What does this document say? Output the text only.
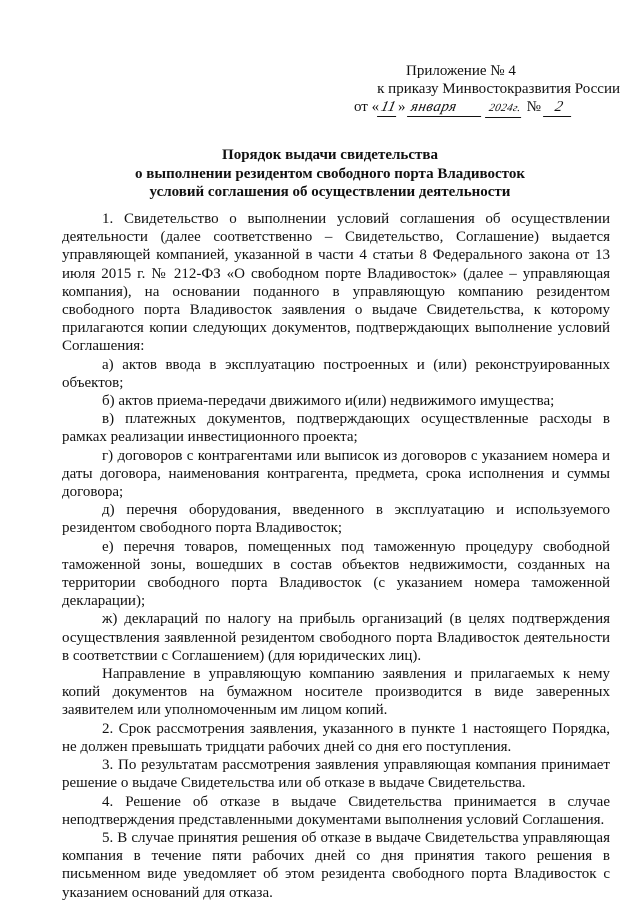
Приложение № 4
к приказу Минвостокразвития России
от «11» января	2024г. № 2
Порядок выдачи свидетельства
о выполнении резидентом свободного порта Владивосток
условий соглашения об осуществлении деятельности

1. Свидетельство о выполнении условий соглашения об осуществлении деятельности (далее соответственно – Свидетельство, Соглашение) выдается управляющей компанией, указанной в части 4 статьи 8 Федерального закона от 13 июля 2015 г. № 212-ФЗ «О свободном порте Владивосток» (далее – управляющая компания), на основании поданного в управляющую компанию резидентом свободного порта Владивосток заявления о выдаче Свидетельства, к которому прилагаются копии следующих документов, подтверждающих выполнение условий Соглашения:

а) актов ввода в эксплуатацию построенных и (или) реконструированных объектов;

б) актов приема-передачи движимого и(или) недвижимого имущества;

в) платежных документов, подтверждающих осуществленные расходы в рамках реализации инвестиционного проекта;

г) договоров с контрагентами или выписок из договоров с указанием номера и даты договора, наименования контрагента, предмета, срока исполнения и суммы договора;

д) перечня оборудования, введенного в эксплуатацию и используемого резидентом свободного порта Владивосток;

е) перечня товаров, помещенных под таможенную процедуру свободной таможенной зоны, вошедших в состав объектов недвижимости, созданных на территории свободного порта Владивосток (с указанием номера таможенной декларации);

ж) деклараций по налогу на прибыль организаций (в целях подтверждения осуществления заявленной резидентом свободного порта Владивосток деятельности в соответствии с Соглашением) (для юридических лиц).

Направление в управляющую компанию заявления и прилагаемых к нему копий документов на бумажном носителе производится в виде заверенных заявителем или уполномоченным им лицом копий.

2. Срок рассмотрения заявления, указанного в пункте 1 настоящего Порядка, не должен превышать тридцати рабочих дней со дня его поступления.

3. По результатам рассмотрения заявления управляющая компания принимает решение о выдаче Свидетельства или об отказе в выдаче Свидетельства.

4. Решение об отказе в выдаче Свидетельства принимается в случае неподтверждения представленными документами выполнения условий Соглашения.

5. В случае принятия решения об отказе в выдаче Свидетельства управляющая компания в течение пяти рабочих дней со дня принятия такого решения в письменном виде уведомляет об этом резидента свободного порта Владивосток с указанием оснований для отказа.
